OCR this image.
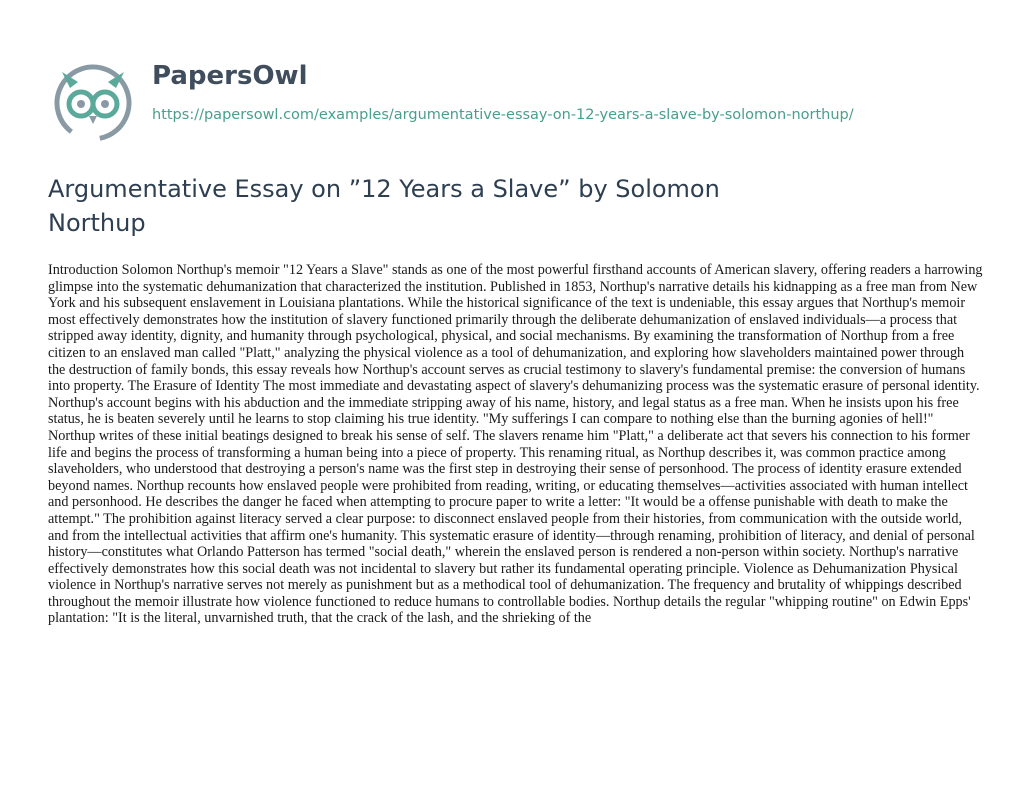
PapersOwl
https://papersowl.com/examples/argumentative-essay-on-12-years-a-slave-by-solomon-northup/
Argumentative Essay on ”12 Years a Slave” by Solomon Northup

Introduction Solomon Northup's memoir "12 Years a Slave" stands as one of the most powerful firsthand accounts of American slavery, offering readers a harrowing glimpse into the systematic dehumanization that characterized the institution. Published in 1853, Northup's narrative details his kidnapping as a free man from New York and his subsequent enslavement in Louisiana plantations. While the historical significance of the text is undeniable, this essay argues that Northup's memoir most effectively demonstrates how the institution of slavery functioned primarily through the deliberate dehumanization of enslaved individuals—a process that stripped away identity, dignity, and humanity through psychological, physical, and social mechanisms. By examining the transformation of Northup from a free citizen to an enslaved man called "Platt," analyzing the physical violence as a tool of dehumanization, and exploring how slaveholders maintained power through the destruction of family bonds, this essay reveals how Northup's account serves as crucial testimony to slavery's fundamental premise: the conversion of humans into property. The Erasure of Identity The most immediate and devastating aspect of slavery's dehumanizing process was the systematic erasure of personal identity. Northup's account begins with his abduction and the immediate stripping away of his name, history, and legal status as a free man. When he insists upon his free status, he is beaten severely until he learns to stop claiming his true identity. "My sufferings I can compare to nothing else than the burning agonies of hell!" Northup writes of these initial beatings designed to break his sense of self. The slavers rename him "Platt," a deliberate act that severs his connection to his former life and begins the process of transforming a human being into a piece of property. This renaming ritual, as Northup describes it, was common practice among slaveholders, who understood that destroying a person's name was the first step in destroying their sense of personhood. The process of identity erasure extended beyond names. Northup recounts how enslaved people were prohibited from reading, writing, or educating themselves—activities associated with human intellect and personhood. He describes the danger he faced when attempting to procure paper to write a letter: "It would be a offense punishable with death to make the attempt." The prohibition against literacy served a clear purpose: to disconnect enslaved people from their histories, from communication with the outside world, and from the intellectual activities that affirm one's humanity. This systematic erasure of identity—through renaming, prohibition of literacy, and denial of personal history—constitutes what Orlando Patterson has termed "social death," wherein the enslaved person is rendered a non-person within society. Northup's narrative effectively demonstrates how this social death was not incidental to slavery but rather its fundamental operating principle. Violence as Dehumanization Physical violence in Northup's narrative serves not merely as punishment but as a methodical tool of dehumanization. The frequency and brutality of whippings described throughout the memoir illustrate how violence functioned to reduce humans to controllable bodies. Northup details the regular "whipping routine" on Edwin Epps' plantation: "It is the literal, unvarnished truth, that the crack of the lash, and the shrieking of the
